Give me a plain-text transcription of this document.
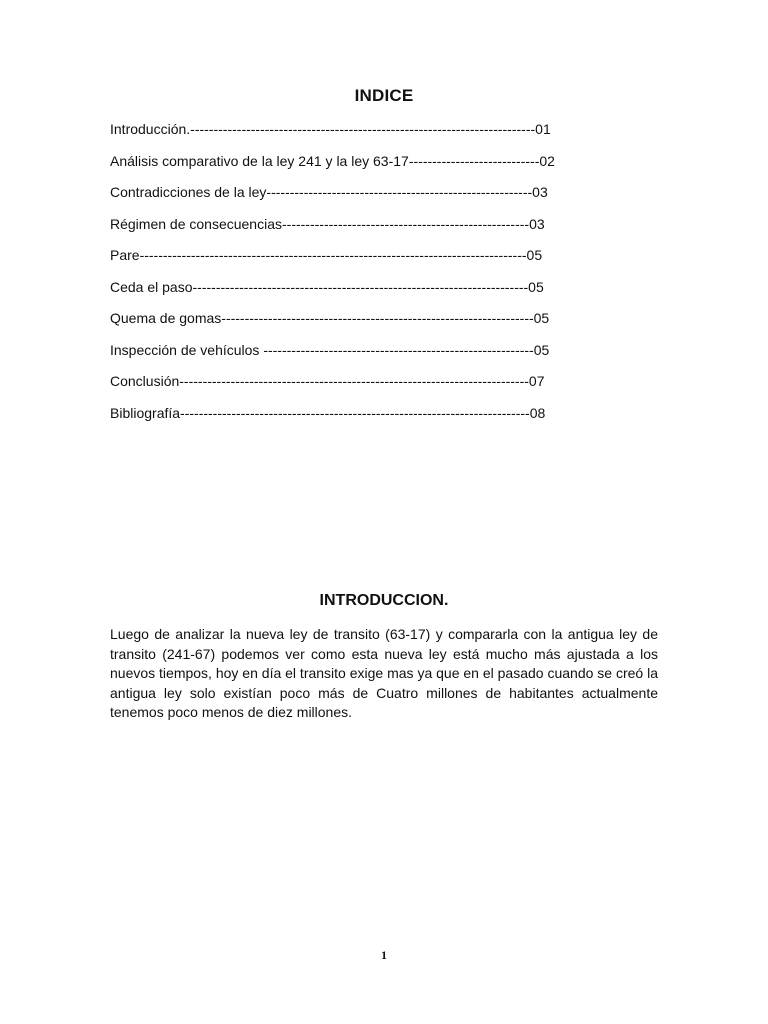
INDICE
Introducción.--------------------------------------------------------------------------01
Análisis comparativo de la ley 241 y la ley 63-17----------------------------02
Contradicciones de la ley---------------------------------------------------------03
Régimen de consecuencias-----------------------------------------------------03
Pare-----------------------------------------------------------------------------------05
Ceda el paso------------------------------------------------------------------------05
Quema de gomas-------------------------------------------------------------------05
Inspección de vehículos ----------------------------------------------------------05
Conclusión---------------------------------------------------------------------------07
Bibliografía---------------------------------------------------------------------------08
INTRODUCCION.

Luego de analizar la nueva ley de transito (63-17) y compararla con la antigua ley de transito (241-67) podemos ver como esta nueva ley está mucho más ajustada a los nuevos tiempos, hoy en día el transito exige mas ya que en el pasado cuando se creó la antigua ley solo existían poco más de Cuatro millones de habitantes actualmente tenemos poco menos de diez millones.

1
